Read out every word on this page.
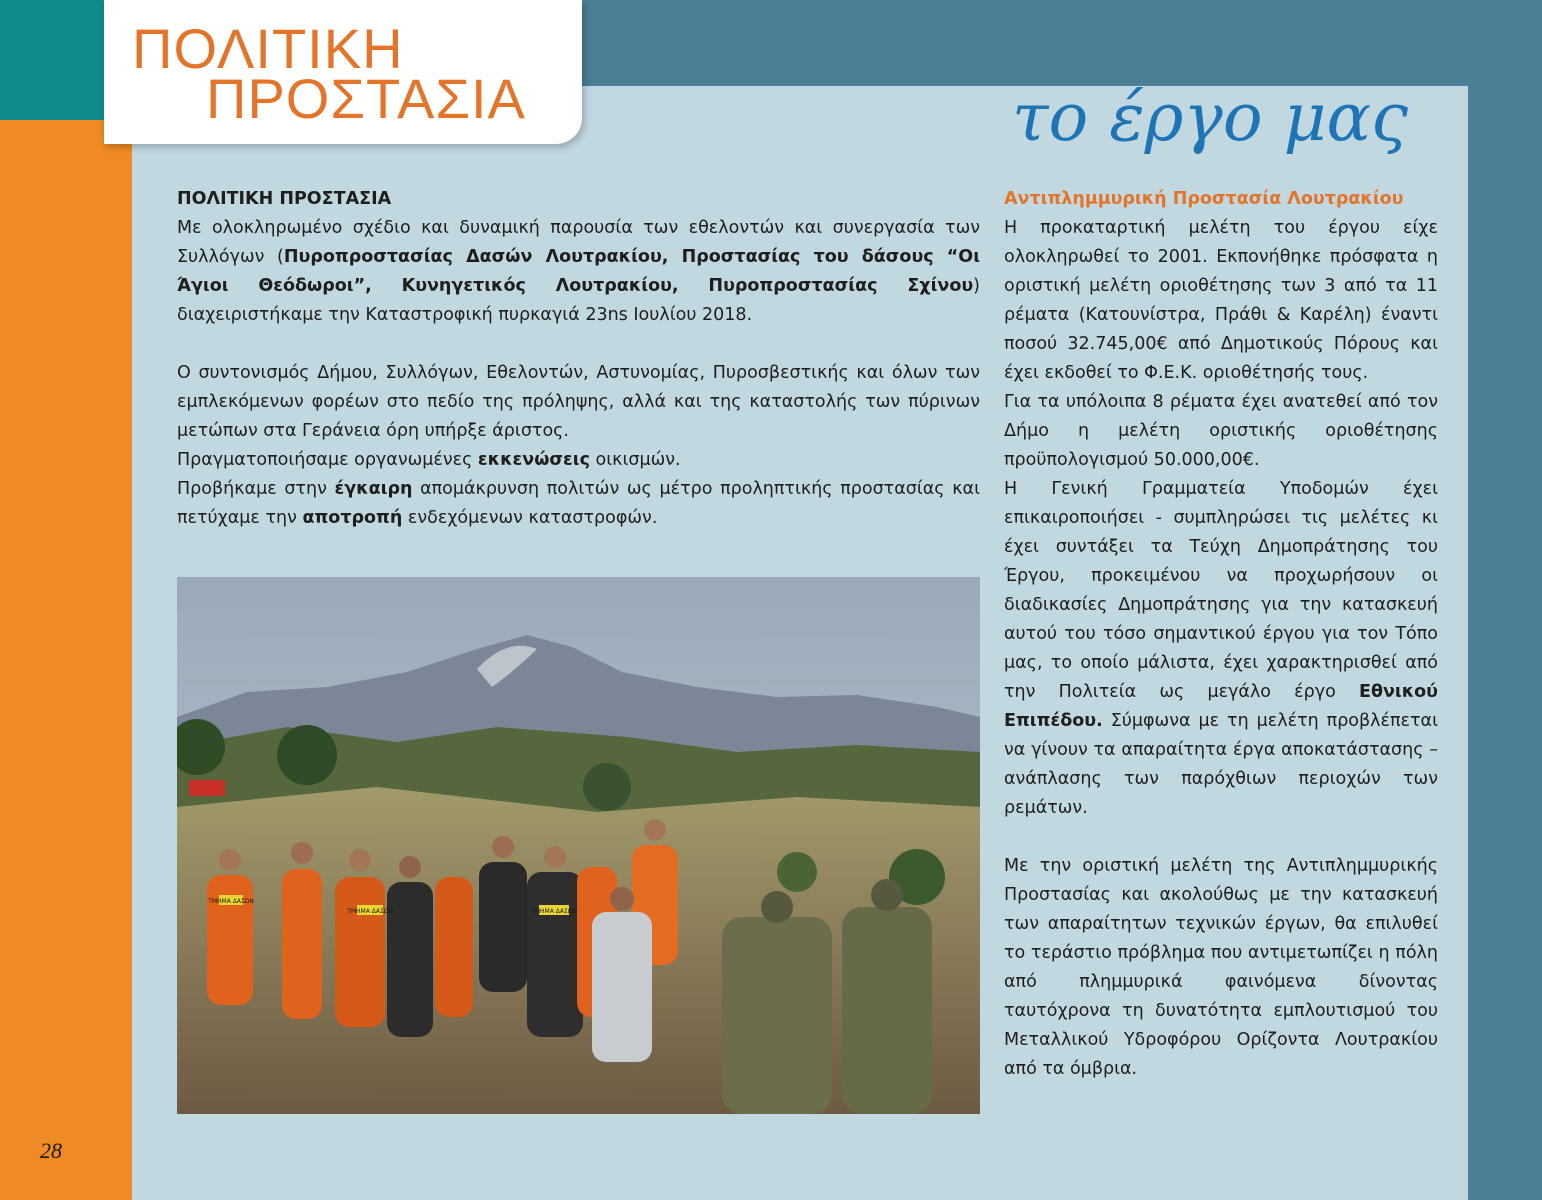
ΠΟΛΙΤΙΚΗ
ΠΡΟΣΤΑΣΙΑ	το έργο μας
ΠΟΛΙΤΙΚΗ ΠΡΟΣΤΑΣΙΑ

Με ολοκληρωμένο σχέδιο και δυναμική παρουσία των εθελοντών και συνεργασία των Συλλόγων (Πυροπροστασίας Δασών Λουτρακίου, Προστασίας του δάσους “Οι Άγιοι Θεόδωροι”, Κυνηγετικός Λουτρακίου, Πυροπροστασίας Σχίνου) διαχειριστήκαμε την Καταστροφική πυρκαγιά 23ns Ιουλίου 2018.

Ο συντονισμός Δήμου, Συλλόγων, Εθελοντών, Αστυνομίας, Πυροσβεστικής και όλων των εμπλεκόμενων φορέων στο πεδίο της πρόληψης, αλλά και της καταστολής των πύρινων μετώπων στα Γεράνεια όρη υπήρξε άριστος.

Πραγματοποιήσαμε οργανωμένες εκκενώσεις οικισμών.

Προβήκαμε στην έγκαιρη απομάκρυνση πολιτών ως μέτρο προληπτικής προστασίας και πετύχαμε την αποτροπή ενδεχόμενων καταστροφών.

ΤΜΗΜΑ ΔΑΣΩΝ
ΤΜΗΜΑ ΔΑΣΩΝ	ΤΜΗΜΑ ΔΑΣΩΝ
Αντιπλημμυρική Προστασία Λουτρακίου

Η προκαταρτική μελέτη του έργου είχε ολοκληρωθεί το 2001. Εκπονήθηκε πρόσφατα η οριστική μελέτη οριοθέτησης των 3 από τα 11 ρέματα (Κατουνίστρα, Πράθι & Καρέλη) έναντι ποσού 32.745,00€ από Δημοτικούς Πόρους και έχει εκδοθεί το Φ.Ε.Κ. οριοθέτησής τους.

Για τα υπόλοιπα 8 ρέματα έχει ανατεθεί από τον Δήμο η μελέτη οριστικής οριοθέτησης προϋπολογισμού 50.000,00€.

Η Γενική Γραμματεία Υποδομών έχει επικαιροποιήσει - συμπληρώσει τις μελέτες κι έχει συντάξει τα Τεύχη Δημοπράτησης του Έργου, προκειμένου να προχωρήσουν οι διαδικασίες Δημοπράτησης για την κατασκευή αυτού του τόσο σημαντικού έργου για τον Τόπο μας, το οποίο μάλιστα, έχει χαρακτηρισθεί από την Πολιτεία ως μεγάλο έργο Εθνικού Επιπέδου. Σύμφωνα με τη μελέτη προβλέπεται να γίνουν τα απαραίτητα έργα αποκατάστασης – ανάπλασης των παρόχθιων περιοχών των ρεμάτων.

Με την οριστική μελέτη της Αντιπλημμυρικής Προστασίας και ακολούθως με την κατασκευή των απαραίτητων τεχνικών έργων, θα επιλυθεί το τεράστιο πρόβλημα που αντιμετωπίζει η πόλη από πλημμυρικά φαινόμενα δίνοντας ταυτόχρονα τη δυνατότητα εμπλουτισμού του Μεταλλικού Υδροφόρου Ορίζοντα Λουτρακίου από τα όμβρια.

28
